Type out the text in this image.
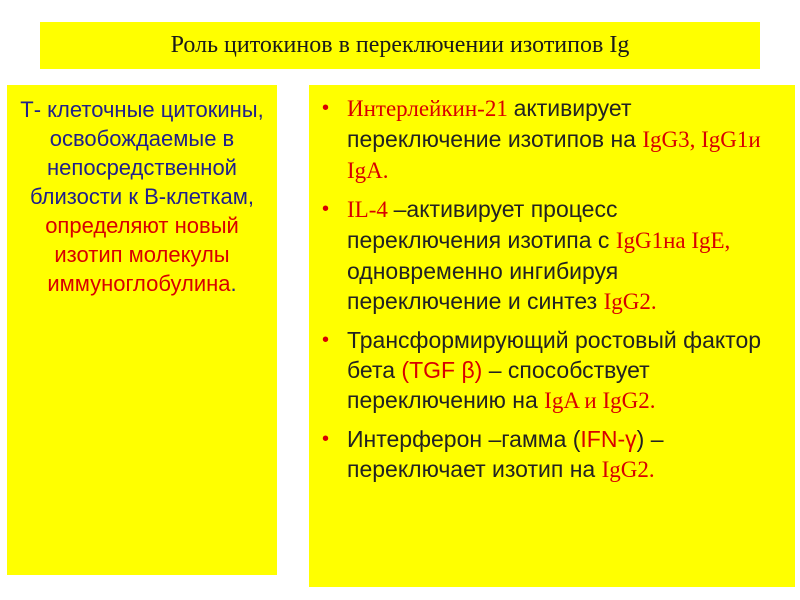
Роль цитокинов в переключении изотипов Ig
Т- клеточные цитокины, освобождаемые в непосредственной близости к В-клеткам, определяют новый изотип молекулы иммуноглобулина.
• Интерлейкин-21 активирует переключение изотипов на IgG3, IgG1и IgA.
• IL-4 –активирует процесс переключения изотипа с IgG1на IgE, одновременно ингибируя переключение и синтез IgG2.
• Трансформирующий ростовый фактор бета (TGF β) – способствует переключению на IgA и IgG2.
• Интерферон –гамма (IFN-γ) – переключает изотип на IgG2.
